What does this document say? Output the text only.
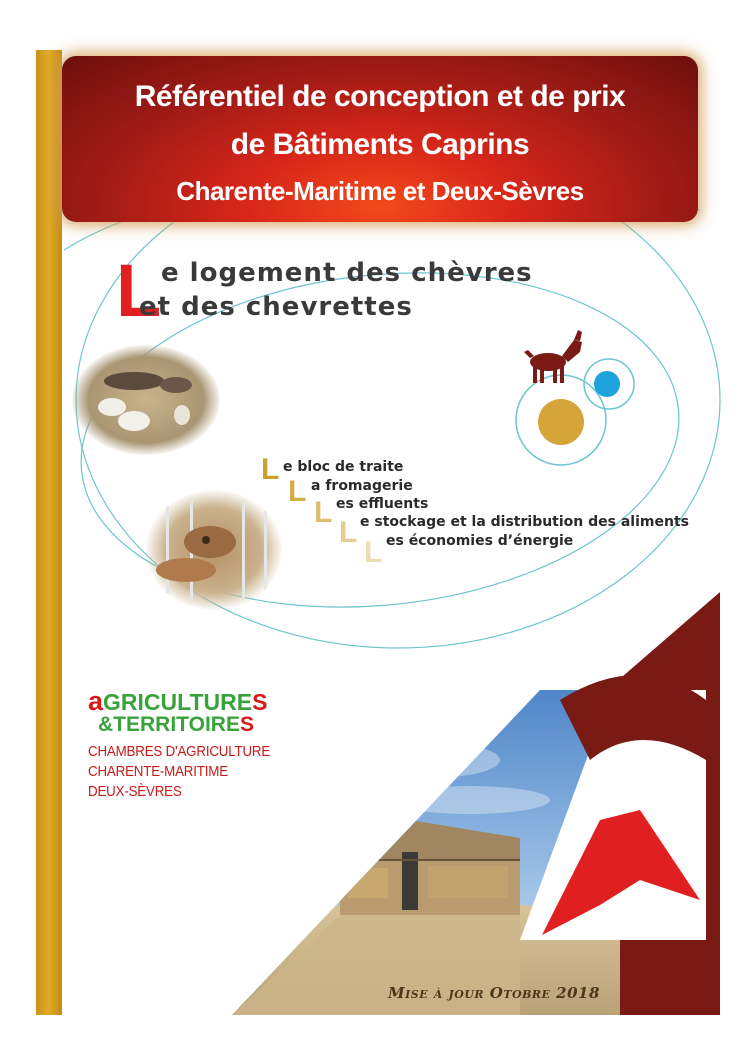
Référentiel de conception et de prix
de Bâtiments Caprins
Charente-Maritime et Deux-Sèvres
L e logement des chèvres
et des chevrettes
L e bloc de traite
L a fromagerie
L es effluents
L e stockage et la distribution des aliments
L es économies d’énergie
aGRICULTURES
&TERRITOIRES
CHAMBRES D'AGRICULTURE
CHARENTE-MARITIME
DEUX-SÈVRES
Mise à jour Otobre 2018
